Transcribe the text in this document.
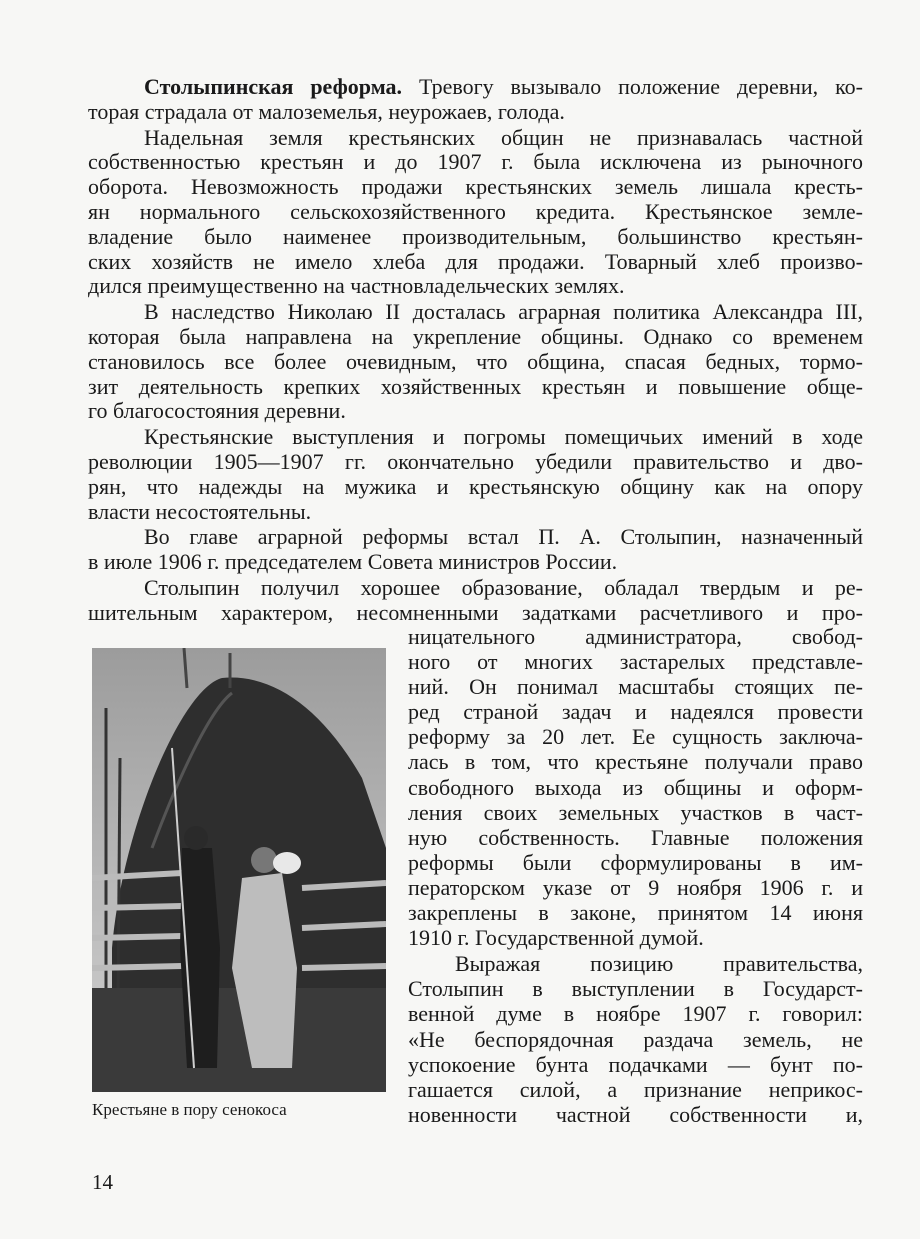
Столыпинская реформа. Тревогу вызывало положение деревни, ко-
торая страдала от малоземелья, неурожаев, голода.
Надельная земля крестьянских общин не признавалась частной
собственностью крестьян и до 1907 г. была исключена из рыночного
оборота. Невозможность продажи крестьянских земель лишала кресть-
ян нормального сельскохозяйственного кредита. Крестьянское земле-
владение было наименее производительным, большинство крестьян-
ских хозяйств не имело хлеба для продажи. Товарный хлеб произво-
дился преимущественно на частновладельческих землях.
В наследство Николаю II досталась аграрная политика Александра III,
которая была направлена на укрепление общины. Однако со временем
становилось все более очевидным, что община, спасая бедных, тормо-
зит деятельность крепких хозяйственных крестьян и повышение обще-
го благосостояния деревни.
Крестьянские выступления и погромы помещичьих имений в ходе
революции 1905—1907 гг. окончательно убедили правительство и дво-
рян, что надежды на мужика и крестьянскую общину как на опору
власти несостоятельны.
Во главе аграрной реформы встал П. А. Столыпин, назначенный
в июле 1906 г. председателем Совета министров России.
Столыпин получил хорошее образование, обладал твердым и ре-
шительным характером, несомненными задатками расчетливого и про-
ницательного администратора, свобод-
ного от многих застарелых представле-
ний. Он понимал масштабы стоящих пе-
ред страной задач и надеялся провести
реформу за 20 лет. Ее сущность заключа-
лась в том, что крестьяне получали право
свободного выхода из общины и оформ-
ления своих земельных участков в част-
ную собственность. Главные положения
реформы были сформулированы в им-
ператорском указе от 9 ноября 1906 г. и
закреплены в законе, принятом 14 июня
1910 г. Государственной думой.
Выражая позицию правительства,
Столыпин в выступлении в Государст-
венной думе в ноябре 1907 г. говорил:
«Не беспорядочная раздача земель, не
успокоение бунта подачками — бунт по-
гашается силой, а признание неприкос-
новенности частной собственности и,
Крестьяне в пору сенокоса
14
